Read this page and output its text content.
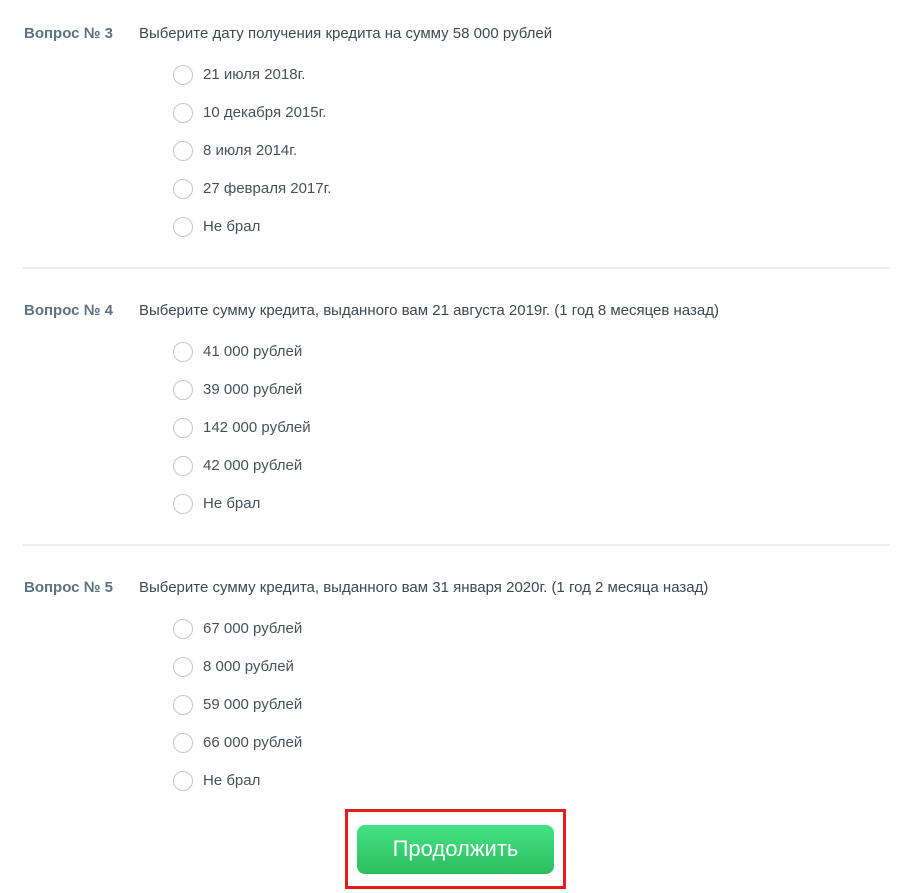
Вопрос № 3	Выберите дату получения кредита на сумму 58 000 рублей
21 июля 2018г.
10 декабря 2015г.
8 июля 2014г.
27 февраля 2017г.
Не брал
Вопрос № 4	Выберите сумму кредита, выданного вам 21 августа 2019г. (1 год 8 месяцев назад)
41 000 рублей
39 000 рублей
142 000 рублей
42 000 рублей
Не брал
Вопрос № 5	Выберите сумму кредита, выданного вам 31 января 2020г. (1 год 2 месяца назад)
67 000 рублей
8 000 рублей
59 000 рублей
66 000 рублей
Не брал
Продолжить
